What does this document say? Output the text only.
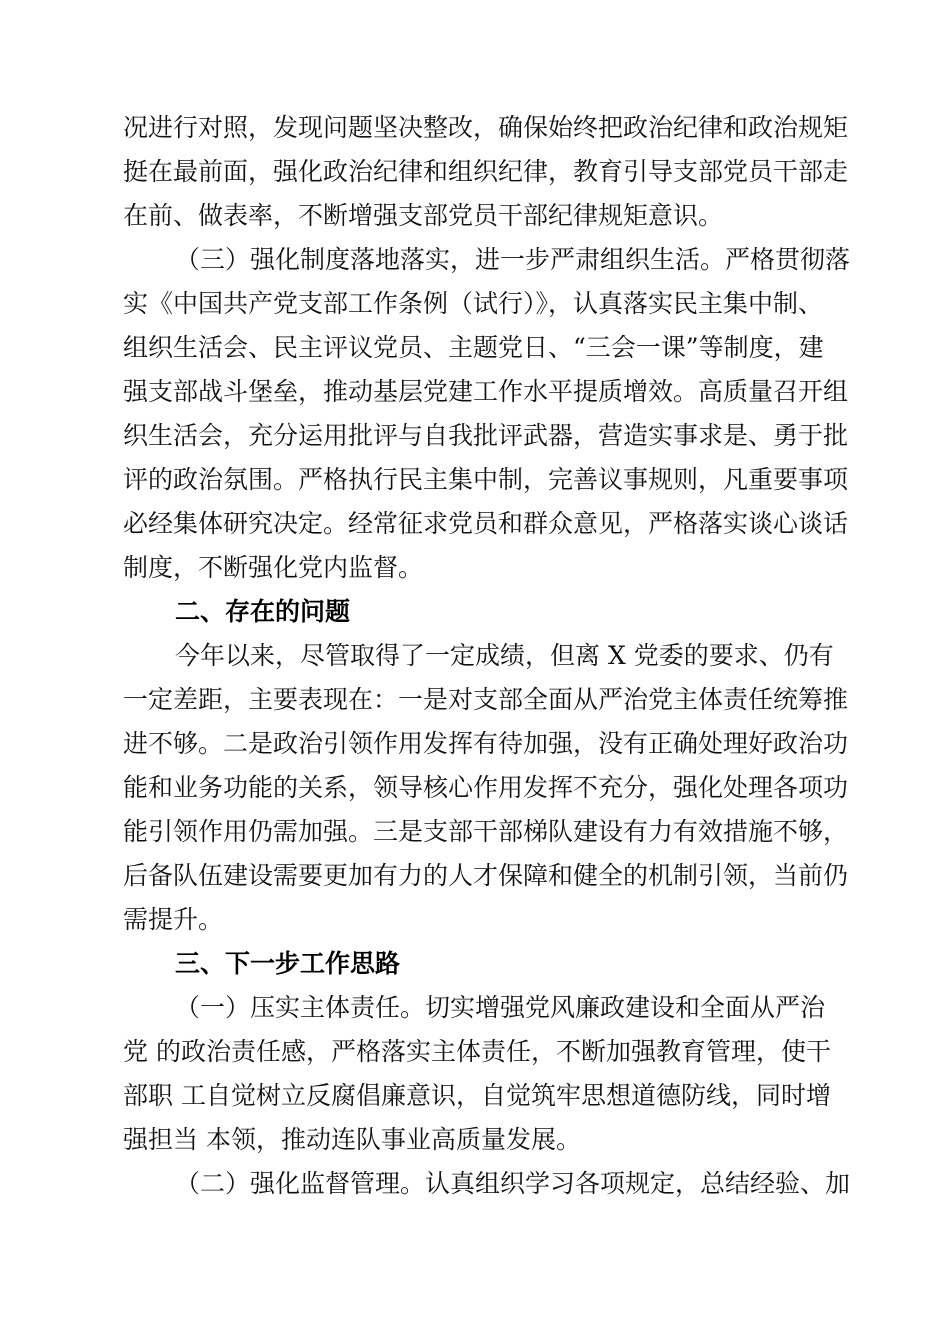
况进行对照，发现问题坚决整改，确保始终把政治纪律和政治规矩

挺在最前面，强化政治纪律和组织纪律，教育引导支部党员干部走

在前、做表率，不断增强支部党员干部纪律规矩意识。

（三）强化制度落地落实，进一步严肃组织生活。严格贯彻落

实《中国共产党支部工作条例（试行）》，认真落实民主集中制、

组织生活会、民主评议党员、主题党日、“三会一课”等制度，建

强支部战斗堡垒，推动基层党建工作水平提质增效。高质量召开组

织生活会，充分运用批评与自我批评武器，营造实事求是、勇于批

评的政治氛围。严格执行民主集中制，完善议事规则，凡重要事项

必经集体研究决定。经常征求党员和群众意见，严格落实谈心谈话

制度，不断强化党内监督。

二、存在的问题

今年以来，尽管取得了一定成绩，但离 X 党委的要求、仍有

一定差距，主要表现在：一是对支部全面从严治党主体责任统筹推

进不够。二是政治引领作用发挥有待加强，没有正确处理好政治功

能和业务功能的关系，领导核心作用发挥不充分，强化处理各项功

能引领作用仍需加强。三是支部干部梯队建设有力有效措施不够，

后备队伍建设需要更加有力的人才保障和健全的机制引领，当前仍

需提升。

三、下一步工作思路

（一）压实主体责任。切实增强党风廉政建设和全面从严治

党 的政治责任感，严格落实主体责任，不断加强教育管理，使干

部职 工自觉树立反腐倡廉意识，自觉筑牢思想道德防线，同时增

强担当 本领，推动连队事业高质量发展。

（二）强化监督管理。认真组织学习各项规定，总结经验、加
